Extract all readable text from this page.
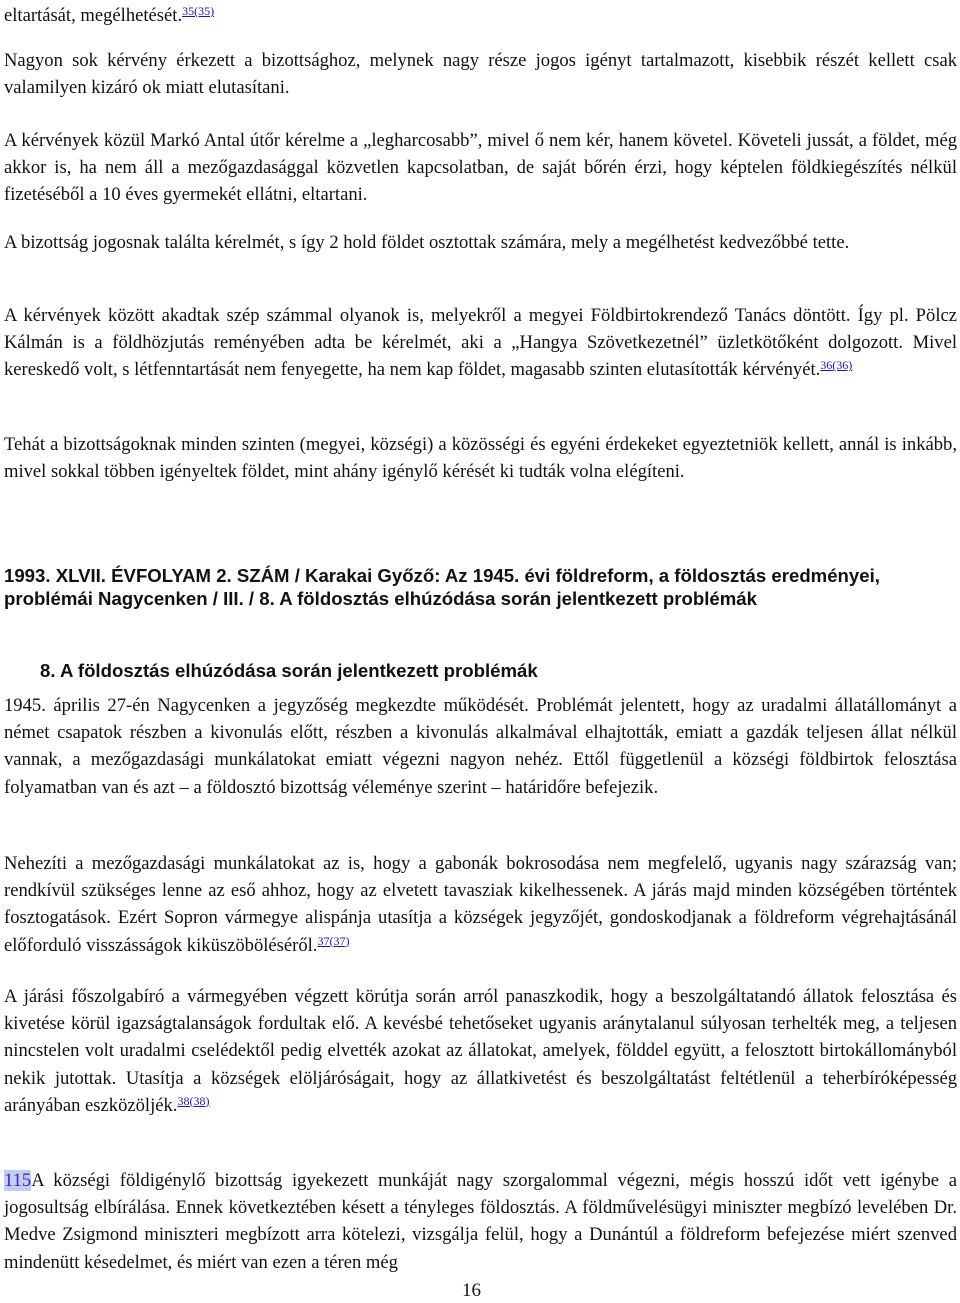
eltartását, megélhetését.$^{35(35)}$

Nagyon sok kérvény érkezett a bizottsághoz, melynek nagy része jogos igényt tartalmazott, kisebbik részét kellett csak valamilyen kizáró ok miatt elutasítani.

A kérvények közül Markó Antal útőr kérelme a „legharcosabb”, mivel ő nem kér, hanem követel. Követeli jussát, a földet, még akkor is, ha nem áll a mezőgazdasággal közvetlen kapcsolatban, de saját bőrén érzi, hogy képtelen földkiegészítés nélkül fizetéséből a 10 éves gyermekét ellátni, eltartani.

A bizottság jogosnak találta kérelmét, s így 2 hold földet osztottak számára, mely a megélhetést kedvezőbbé tette.

A kérvények között akadtak szép számmal olyanok is, melyekről a megyei Földbirtokrendező Tanács döntött. Így pl. Pölcz Kálmán is a földhözjutás reményében adta be kérelmét, aki a „Hangya Szövetkezetnél” üzletkötőként dolgozott. Mivel kereskedő volt, s létfenntartását nem fenyegette, ha nem kap földet, magasabb szinten elutasították kérvényét.$^{36(36)}$

Tehát a bizottságoknak minden szinten (megyei, községi) a közösségi és egyéni érdekeket egyeztetniök kellett, annál is inkább, mivel sokkal többen igényeltek földet, mint ahány igénylő kérését ki tudták volna elégíteni.

1993. XLVII. ÉVFOLYAM 2. SZÁM / Karakai Győző: Az 1945. évi földreform, a földosztás eredményei, problémái Nagycenken / III. / 8. A földosztás elhúzódása során jelentkezett problémák

8. A földosztás elhúzódása során jelentkezett problémák

1945. április 27-én Nagycenken a jegyzőség megkezdte működését. Problémát jelentett, hogy az uradalmi állatállományt a német csapatok részben a kivonulás előtt, részben a kivonulás alkalmával elhajtották, emiatt a gazdák teljesen állat nélkül vannak, a mezőgazdasági munkálatokat emiatt végezni nagyon nehéz. Ettől függetlenül a községi földbirtok felosztása folyamatban van és azt – a földosztó bizottság véleménye szerint – határidőre befejezik.

Nehezíti a mezőgazdasági munkálatokat az is, hogy a gabonák bokrosodása nem megfelelő, ugyanis nagy szárazság van; rendkívül szükséges lenne az eső ahhoz, hogy az elvetett tavasziak kikelhessenek. A járás majd minden községében történtek fosztogatások. Ezért Sopron vármegye alispánja utasítja a községek jegyzőjét, gondoskodjanak a földreform végrehajtásánál előforduló visszásságok kiküszöböléséről.$^{37(37)}$

A járási főszolgabíró a vármegyében végzett körútja során arról panaszkodik, hogy a beszolgáltatandó állatok felosztása és kivetése körül igazságtalanságok fordultak elő. A kevésbé tehetőseket ugyanis aránytalanul súlyosan terhelték meg, a teljesen nincstelen volt uradalmi cselédektől pedig elvették azokat az állatokat, amelyek, földdel együtt, a felosztott birtokállományból nekik jutottak. Utasítja a községek elöljáróságait, hogy az állatkivetést és beszolgáltatást feltétlenül a teherbíróképesség arányában eszközöljék.$^{38(38)}$

115A községi földigénylő bizottság igyekezett munkáját nagy szorgalommal végezni, mégis hosszú időt vett igénybe a jogosultság elbírálása. Ennek következtében késett a tényleges földosztás. A földművelésügyi miniszter megbízó levelében Dr. Medve Zsigmond miniszteri megbízott arra kötelezi, vizsgálja felül, hogy a Dunántúl a földreform befejezése miért szenved mindenütt késedelmet, és miért van ezen a téren még

16
